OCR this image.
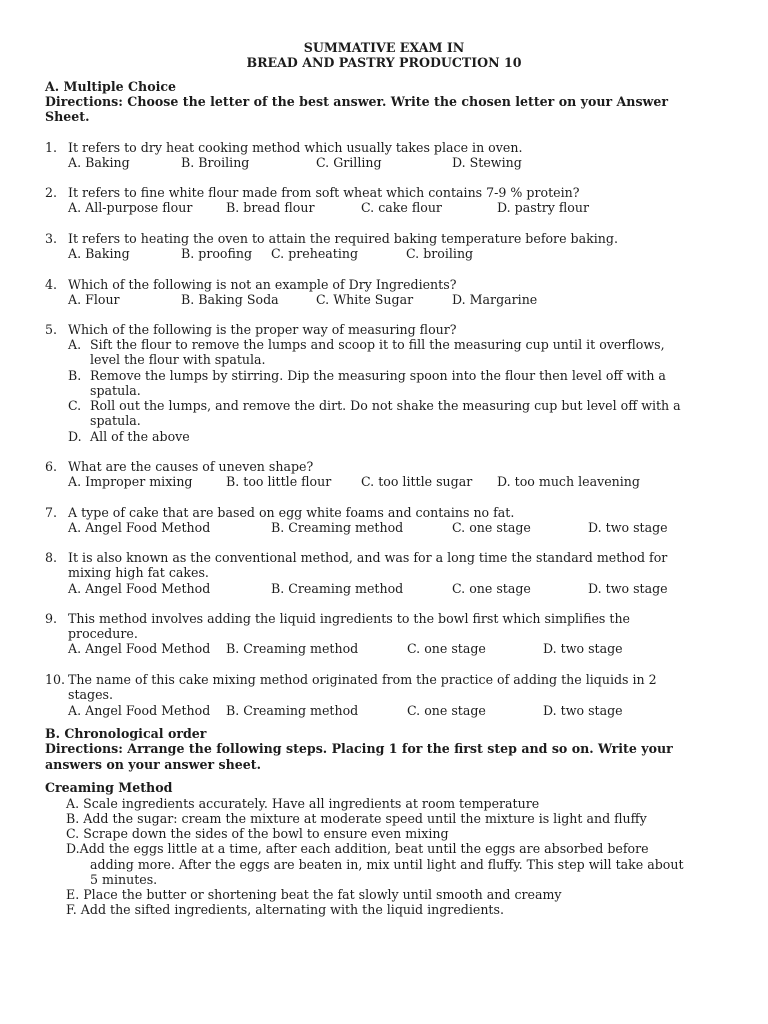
SUMMATIVE EXAM IN
BREAD AND PASTRY PRODUCTION 10
A. Multiple Choice
Directions: Choose the letter of the best answer. Write the chosen letter on your Answer
Sheet.
1. It refers to dry heat cooking method which usually takes place in oven.
A. Baking	B. Broiling	C. Grilling	D. Stewing
2. It refers to fine white flour made from soft wheat which contains 7-9 % protein?
A. All-purpose flour	B. bread flour	C. cake flour	D. pastry flour
3. It refers to heating the oven to attain the required baking temperature before baking.
A. Baking	B. proofing C. preheating	C. broiling
4. Which of the following is not an example of Dry Ingredients?
A. Flour	B. Baking Soda	C. White Sugar	D. Margarine
5. Which of the following is the proper way of measuring flour?
A. Sift the flour to remove the lumps and scoop it to fill the measuring cup until it overflows,
level the flour with spatula.
B. Remove the lumps by stirring. Dip the measuring spoon into the flour then level off with a
spatula.
C. Roll out the lumps, and remove the dirt. Do not shake the measuring cup but level off with a
spatula.
D. All of the above
6. What are the causes of uneven shape?
A. Improper mixing	B. too little flour C. too little sugar D. too much leavening
7. A type of cake that are based on egg white foams and contains no fat.
A. Angel Food Method	B. Creaming method	C. one stage	D. two stage
8. It is also known as the conventional method, and was for a long time the standard method for
mixing high fat cakes.
A. Angel Food Method	B. Creaming method	C. one stage	D. two stage
9. This method involves adding the liquid ingredients to the bowl first which simplifies the
procedure.
A. Angel Food Method B. Creaming method	C. one stage	D. two stage
10. The name of this cake mixing method originated from the practice of adding the liquids in 2
stages.
A. Angel Food Method B. Creaming method	C. one stage	D. two stage
B. Chronological order
Directions: Arrange the following steps. Placing 1 for the first step and so on. Write your
answers on your answer sheet.
Creaming Method
A. Scale ingredients accurately. Have all ingredients at room temperature
B. Add the sugar: cream the mixture at moderate speed until the mixture is light and fluffy
C. Scrape down the sides of the bowl to ensure even mixing
D.Add the eggs little at a time, after each addition, beat until the eggs are absorbed before
adding more. After the eggs are beaten in, mix until light and fluffy. This step will take about
5 minutes.
E. Place the butter or shortening beat the fat slowly until smooth and creamy
F. Add the sifted ingredients, alternating with the liquid ingredients.
